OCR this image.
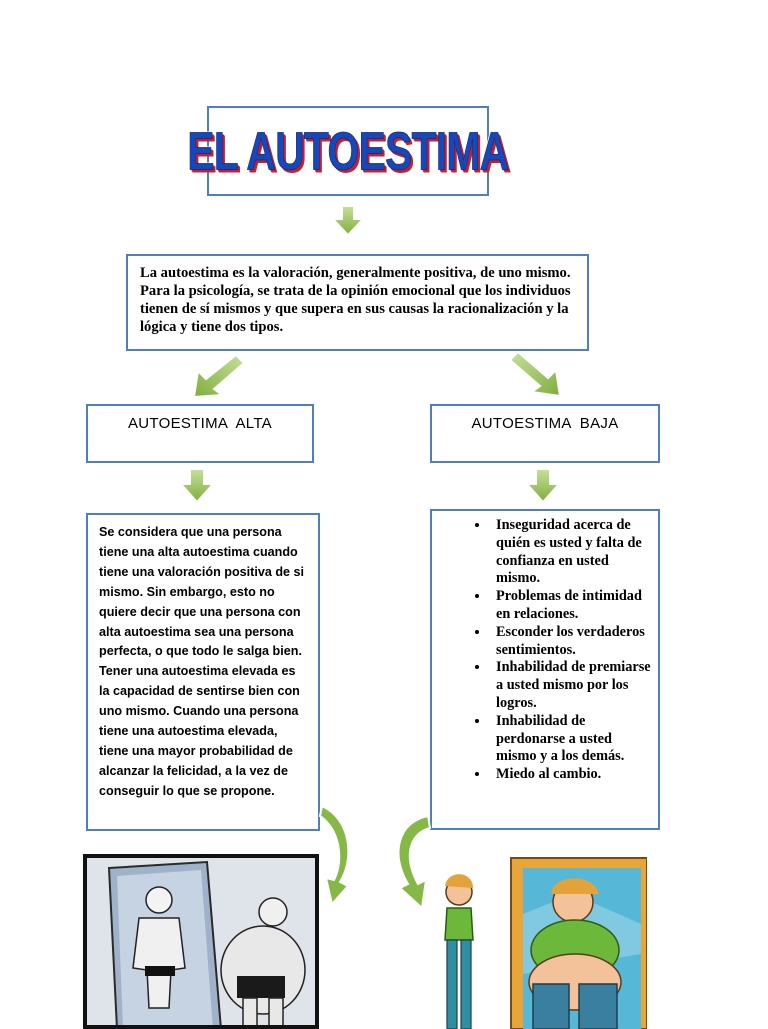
EL AUTOESTIMA
La autoestima es la valoración, generalmente positiva, de uno mismo. Para la psicología, se trata de la opinión emocional que los individuos tienen de sí mismos y que supera en sus causas la racionalización y la lógica y tiene dos tipos.
AUTOESTIMA  ALTA	AUTOESTIMA  BAJA
Se considera que una persona tiene una alta autoestima cuando tiene una valoración positiva de si mismo. Sin embargo, esto no quiere decir que una persona con alta autoestima sea una persona  perfecta, o que todo le salga bien. Tener una autoestima elevada es la capacidad de sentirse bien con uno mismo. Cuando una persona tiene una autoestima elevada, tiene una mayor probabilidad de alcanzar la felicidad, a la vez de conseguir lo que se propone.
• Inseguridad acerca de quién es usted y falta de confianza en usted mismo.
• Problemas de intimidad en relaciones.
• Esconder los verdaderos sentimientos.
• Inhabilidad de premiarse a usted mismo por los logros.
• Inhabilidad de perdonarse a usted mismo y a los demás.
• Miedo al cambio.
